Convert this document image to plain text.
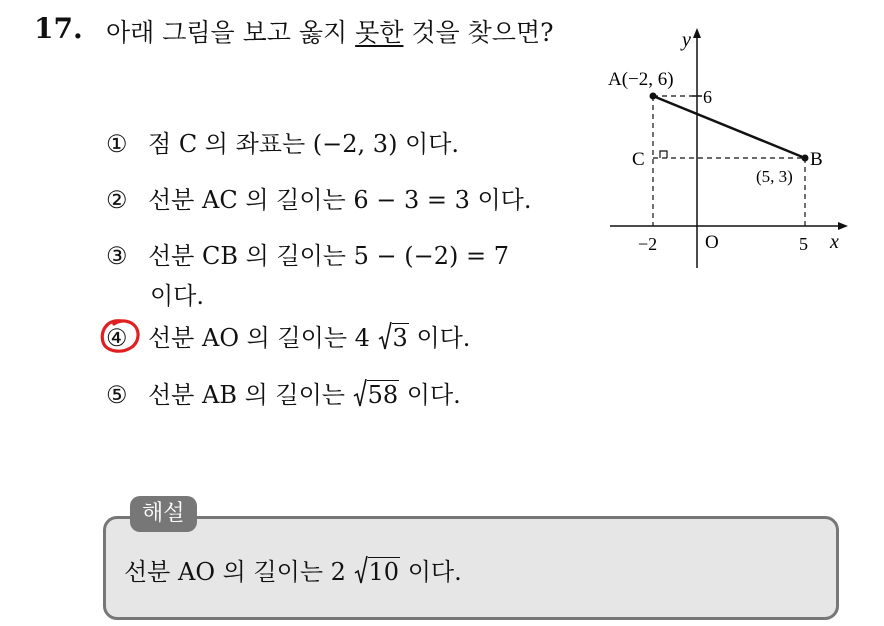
17. 아래 그림을 보고 옳지 못한 것을 찾으면?
① 점 C 의 좌표는 (−2, 3) 이다.
② 선분 AC 의 길이는 6 − 3 = 3 이다.
③ 선분 CB 의 길이는 5 − (−2) = 7
이다.
④ 선분 AO 의 길이는 4
3 이다.
⑤ 선분 AB 의 길이는
58 이다.
y
x
O
A(−2, 6)
B
(5, 3)
C
6
−2	5
해설
선분 AO 의 길이는 2
10 이다.
